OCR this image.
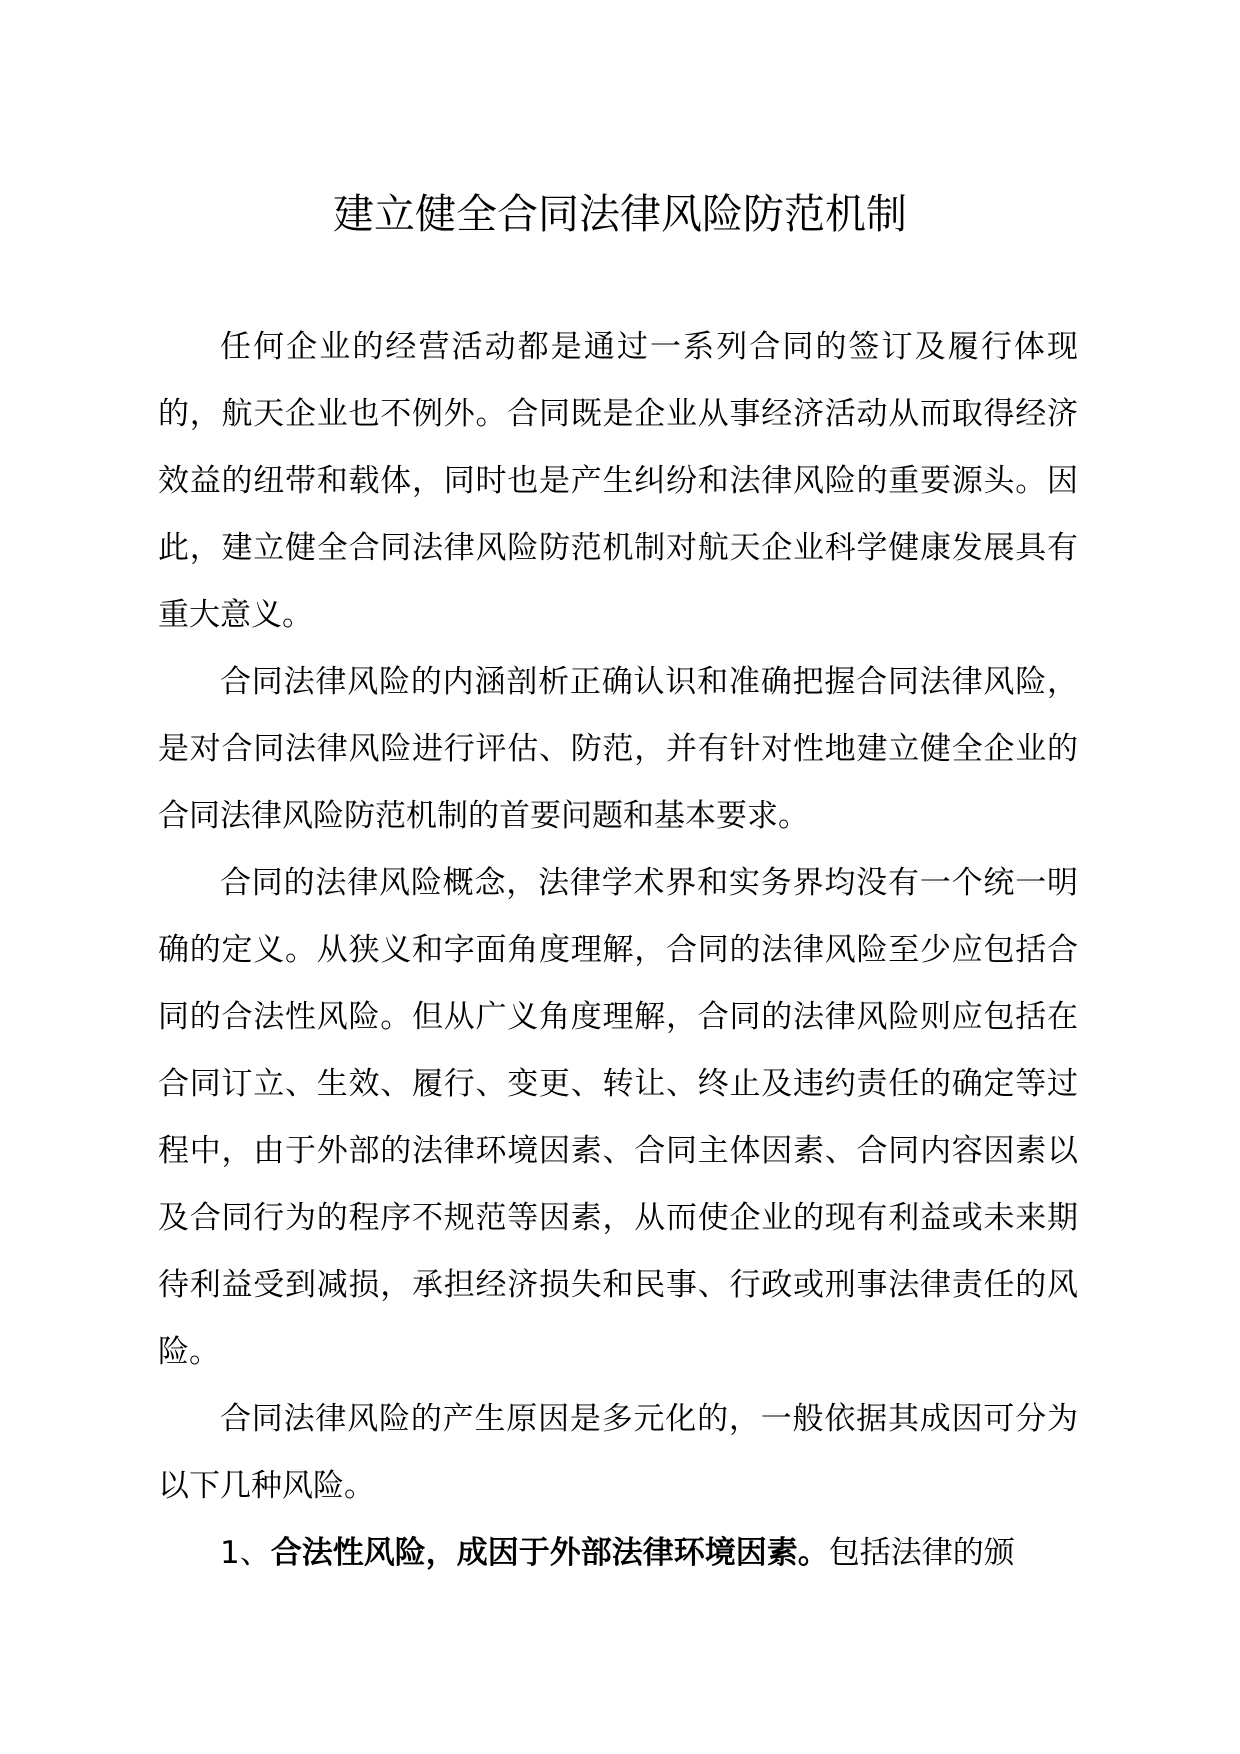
建立健全合同法律风险防范机制

任何企业的经营活动都是通过一系列合同的签订及履行体现的，航天企业也不例外。合同既是企业从事经济活动从而取得经济效益的纽带和载体，同时也是产生纠纷和法律风险的重要源头。因此，建立健全合同法律风险防范机制对航天企业科学健康发展具有重大意义。

合同法律风险的内涵剖析正确认识和准确把握合同法律风险，是对合同法律风险进行评估、防范，并有针对性地建立健全企业的合同法律风险防范机制的首要问题和基本要求。

合同的法律风险概念，法律学术界和实务界均没有一个统一明确的定义。从狭义和字面角度理解，合同的法律风险至少应包括合同的合法性风险。但从广义角度理解，合同的法律风险则应包括在合同订立、生效、履行、变更、转让、终止及违约责任的确定等过程中，由于外部的法律环境因素、合同主体因素、合同内容因素以及合同行为的程序不规范等因素，从而使企业的现有利益或未来期待利益受到减损，承担经济损失和民事、行政或刑事法律责任的风险。

合同法律风险的产生原因是多元化的，一般依据其成因可分为以下几种风险。

1、合法性风险，成因于外部法律环境因素。包括法律的颁
